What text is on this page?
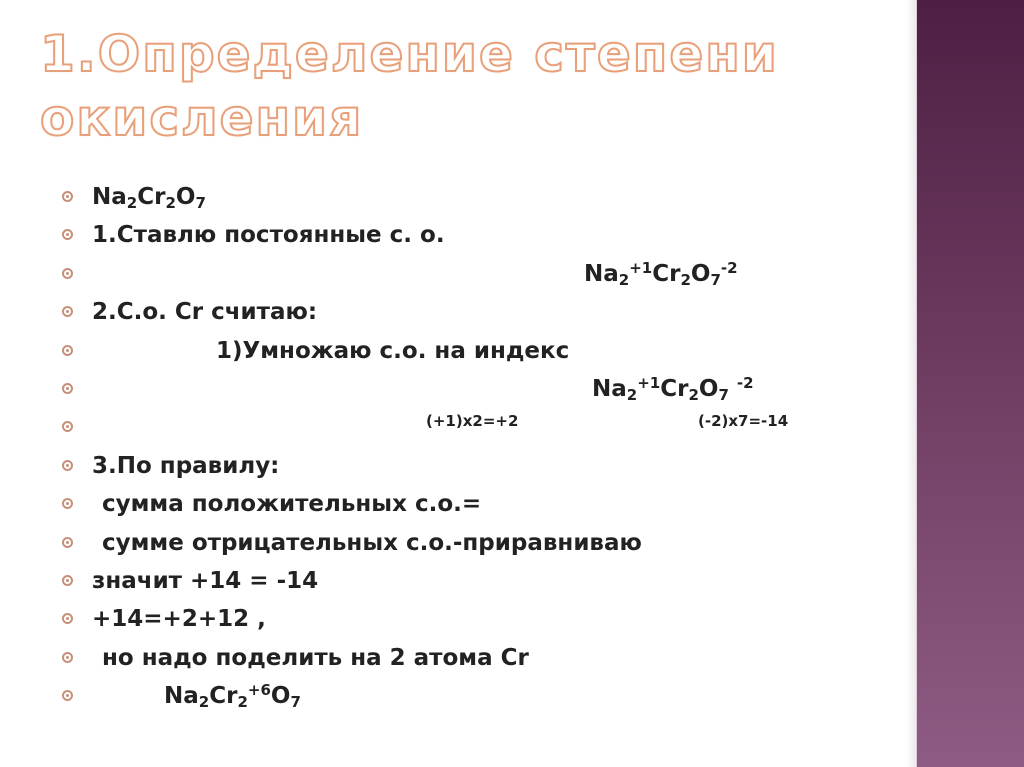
1.Определение степени
окисления
$Na_2Cr_2O_7$
1.Ставлю постоянные с. о.
$Na_2^{+1}Cr_2O_7^{-2}$
2.С.о. Cr считаю:
1)Умножаю с.о. на индекс
$Na_2^{+1}Cr_2O_7$ $^{-2}$
(+1)x2=+2	(-2)x7=-14
3.По правилу:
сумма положительных с.о.=
сумме отрицательных с.о.-приравниваю
значит +14 = -14
+14=+2+12 ,
но надо поделить на 2 атома Cr
$Na_2Cr_2^{+6}O_7$
